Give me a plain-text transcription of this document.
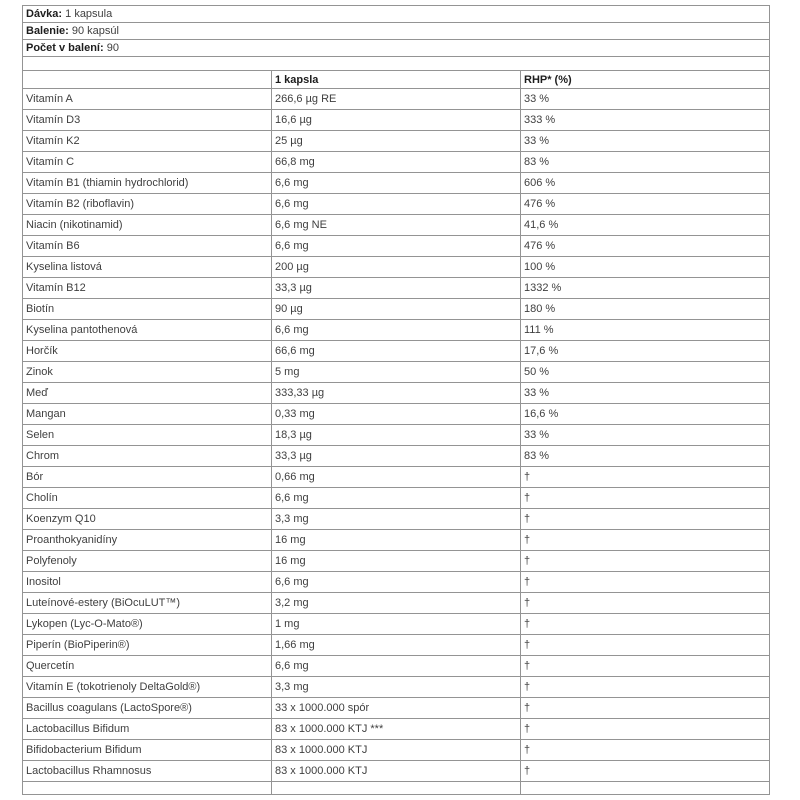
Dávka: 1 kapsula		
Balenie: 90 kapsúl		
Počet v balení: 90		

	1 kapsla	RHP* (%)
Vitamín A	266,6 µg RE	33 %
Vitamín D3	16,6 µg	333 %
Vitamín K2	25 µg	33 %
Vitamín C	66,8 mg	83 %
Vitamín B1 (thiamin hydrochlorid)	6,6 mg	606 %
Vitamín B2 (riboflavin)	6,6 mg	476 %
Niacin (nikotinamid)	6,6 mg NE	41,6 %
Vitamín B6	6,6 mg	476 %
Kyselina listová	200 µg	100 %
Vitamín B12	33,3 µg	1332 %
Biotín	90 µg	180 %
Kyselina pantothenová	6,6 mg	111 %
Horčík	66,6 mg	17,6 %
Zinok	5 mg	50 %
Meď	333,33 µg	33 %
Mangan	0,33 mg	16,6 %
Selen	18,3 µg	33 %
Chrom	33,3 µg	83 %
Bór	0,66 mg	†
Cholín	6,6 mg	†
Koenzym Q10	3,3 mg	†
Proanthokyanidíny	16 mg	†
Polyfenoly	16 mg	†
Inositol	6,6 mg	†
Luteínové-estery (BiOcuLUT™)	3,2 mg	†
Lykopen (Lyc-O-Mato®)	1 mg	†
Piperín (BioPiperin®)	1,66 mg	†
Quercetín	6,6 mg	†
Vitamín E (tokotrienoly DeltaGold®)	3,3 mg	†
Bacillus coagulans (LactoSpore®)	33 x 1000.000 spór	†
Lactobacillus Bifidum	83 x 1000.000 KTJ ***	†
Bifidobacterium Bifidum	83 x 1000.000 KTJ	†
Lactobacillus Rhamnosus	83 x 1000.000 KTJ	†
